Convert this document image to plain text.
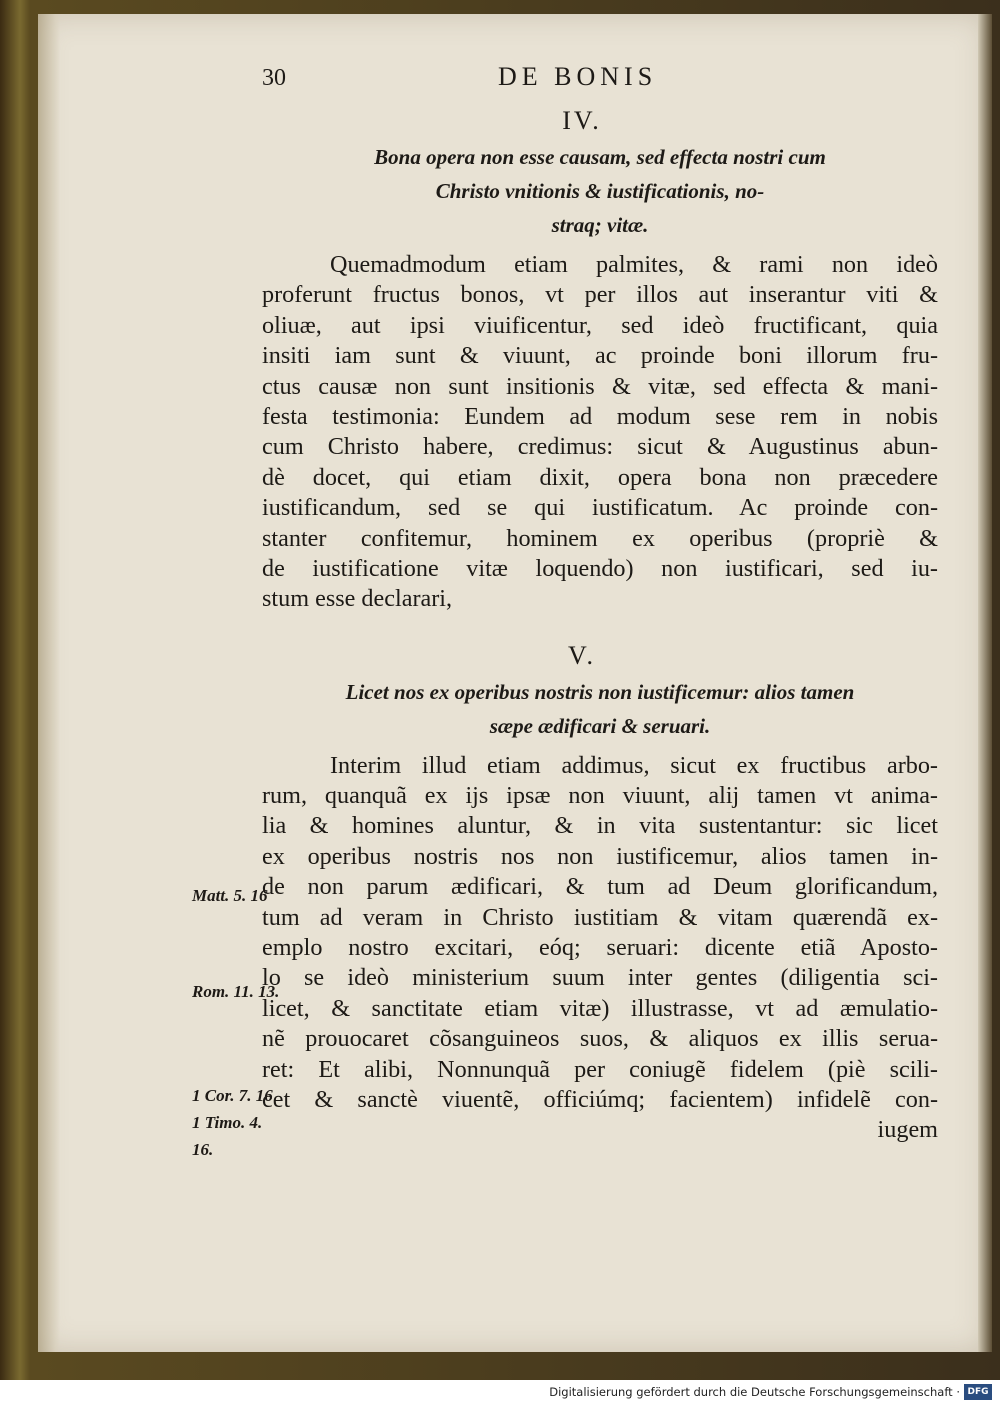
30	DE BONIS
IV.
Bona opera non esse causam, sed effecta nostri cum
Christo vnitionis & iustificationis, no-
straq; vitæ.
Quemadmodum etiam palmites, & rami non ideò
proferunt fructus bonos, vt per illos aut inserantur viti &
oliuæ, aut ipsi viuificentur, sed ideò fructificant, quia
insiti iam sunt & viuunt, ac proinde boni illorum fru-
ctus causæ non sunt insitionis & vitæ, sed effecta & mani-
festa testimonia: Eundem ad modum sese rem in nobis
cum Christo habere, credimus: sicut & Augustinus abun-
dè docet, qui etiam dixit, opera bona non præcedere
iustificandum, sed se qui iustificatum. Ac proinde con-
stanter confitemur, hominem ex operibus (propriè &
de iustificatione vitæ loquendo) non iustificari, sed iu-
stum esse declarari,
V.
Licet nos ex operibus nostris non iustificemur: alios tamen
sæpe ædificari & seruari.
Interim illud etiam addimus, sicut ex fructibus arbo-
rum, quanquã ex ijs ipsæ non viuunt, alij tamen vt anima-
lia & homines aluntur, & in vita sustentantur: sic licet
ex operibus nostris nos non iustificemur, alios tamen in-
de non parum ædificari, & tum ad Deum glorificandum,
tum ad veram in Christo iustitiam & vitam quærendã ex-
emplo nostro excitari, eóq; seruari: dicente etiã Aposto-
lo se ideò ministerium suum inter gentes (diligentia sci-
licet, & sanctitate etiam vitæ) illustrasse, vt ad æmulatio-
nẽ prouocaret cõsanguineos suos, & aliquos ex illis serua-
ret: Et alibi, Nonnunquã per coniugẽ fidelem (piè scili-
cet & sanctè viuentẽ, officiúmq; facientem) infidelẽ con-
iugem
Matt. 5. 16
Rom. 11. 13.
1 Cor. 7. 16
1 Timo. 4.
16.
Digitalisierung gefördert durch die Deutsche Forschungsgemeinschaft · DFG
